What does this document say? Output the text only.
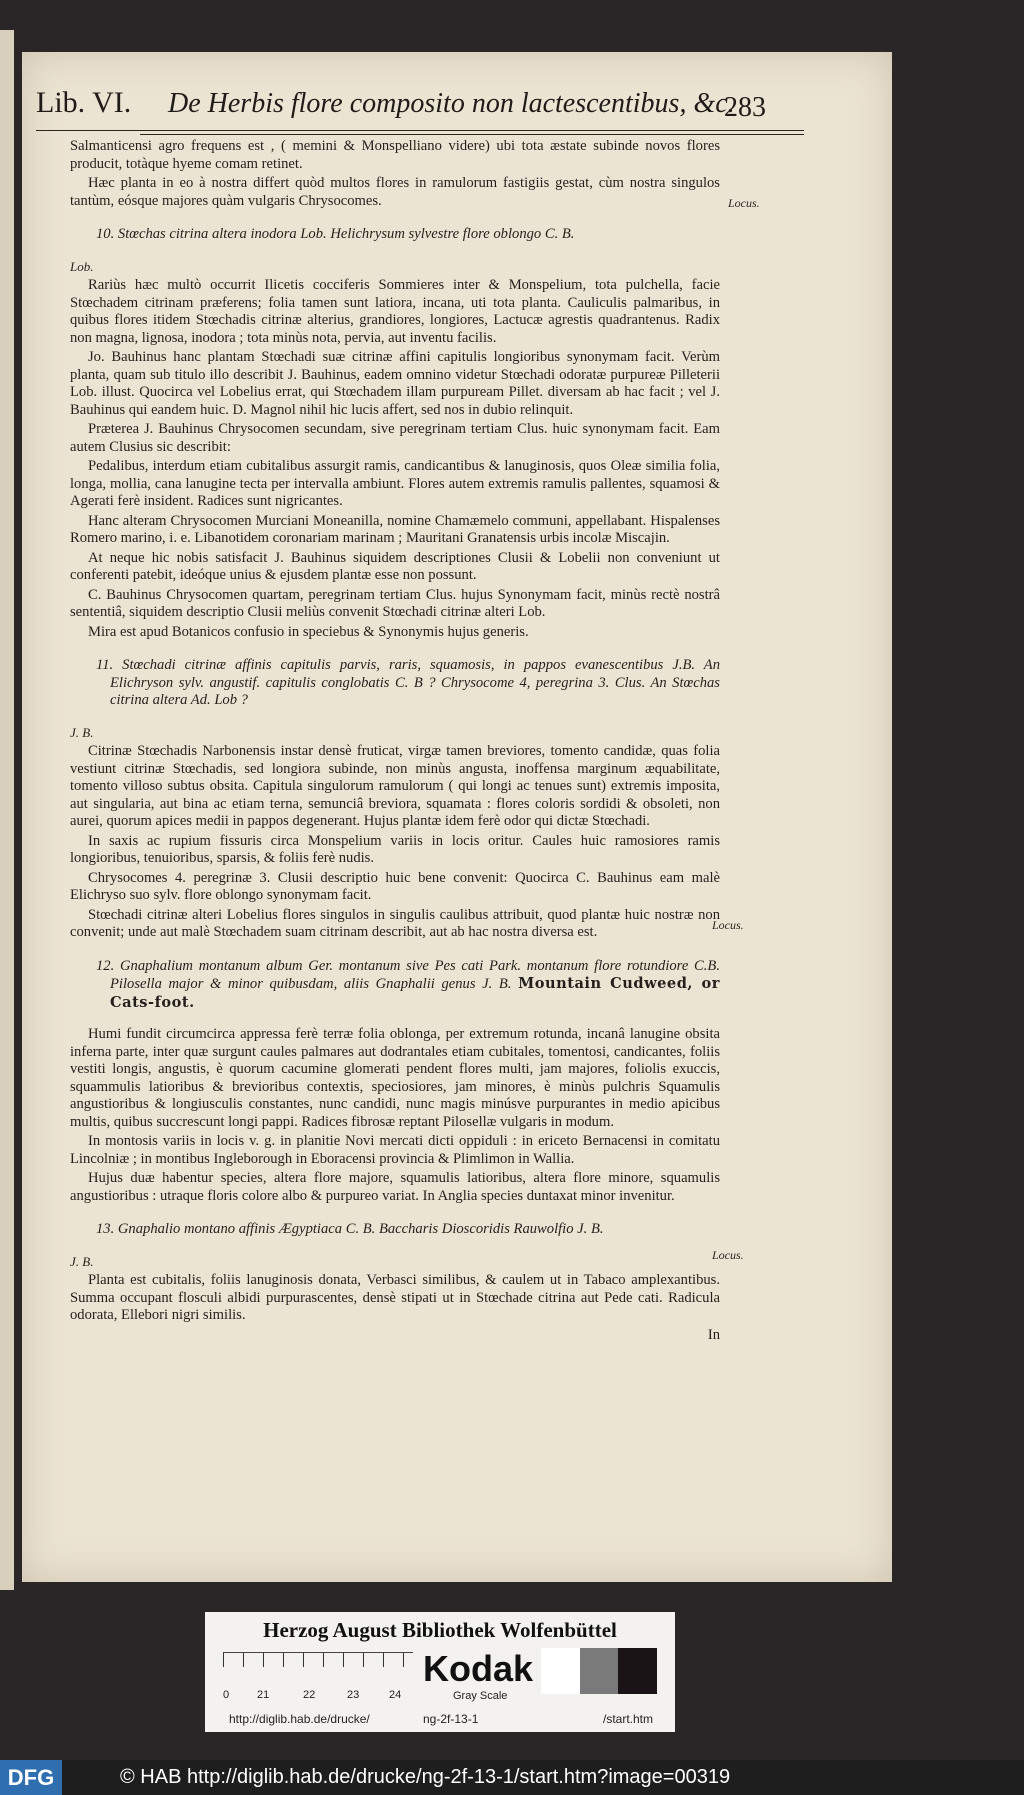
Lib. VI. De Herbis flore composito non lactescentibus, &c.
283
Locus.
Locus.
Locus.

Salmanticensi agro frequens est , ( memini & Monspelliano videre) ubi tota æstate subinde novos flores producit, totàque hyeme comam retinet.

Hæc planta in eo à nostra differt quòd multos flores in ramulorum fastigiis gestat, cùm nostra singulos tantùm, eósque majores quàm vulgaris Chrysocomes.

10. Stœchas citrina altera inodora Lob. Helichrysum sylvestre flore oblongo C. B.

Lob.

Rariùs hæc multò occurrit Ilicetis cocciferis Sommieres inter & Monspelium, tota pulchella, facie Stœchadem citrinam præferens; folia tamen sunt latiora, incana, uti tota planta. Cauliculis palmaribus, in quibus flores itidem Stœchadis citrinæ alterius, grandiores, longiores, Lactucæ agrestis quadrantenus. Radix non magna, lignosa, inodora ; tota minùs nota, pervia, aut inventu facilis.

Jo. Bauhinus hanc plantam Stœchadi suæ citrinæ affini capitulis longioribus synonymam facit. Verùm planta, quam sub titulo illo describit J. Bauhinus, eadem omnino videtur Stœchadi odoratæ purpureæ Pilleterii Lob. illust. Quocirca vel Lobelius errat, qui Stœchadem illam purpuream Pillet. diversam ab hac facit ; vel J. Bauhinus qui eandem huic. D. Magnol nihil hic lucis affert, sed nos in dubio relinquit.

Præterea J. Bauhinus Chrysocomen secundam, sive peregrinam tertiam Clus. huic synonymam facit. Eam autem Clusius sic describit:

Pedalibus, interdum etiam cubitalibus assurgit ramis, candicantibus & lanuginosis, quos Oleæ similia folia, longa, mollia, cana lanugine tecta per intervalla ambiunt. Flores autem extremis ramulis pallentes, squamosi & Agerati ferè insident. Radices sunt nigricantes.

Hanc alteram Chrysocomen Murciani Moneanilla, nomine Chamæmelo communi, appellabant. Hispalenses Romero marino, i. e. Libanotidem coronariam marinam ; Mauritani Granatensis urbis incolæ Miscajin.

At neque hic nobis satisfacit J. Bauhinus siquidem descriptiones Clusii & Lobelii non conveniunt ut conferenti patebit, ideóque unius & ejusdem plantæ esse non possunt.

C. Bauhinus Chrysocomen quartam, peregrinam tertiam Clus. hujus Synonymam facit, minùs rectè nostrâ sententiâ, siquidem descriptio Clusii meliùs convenit Stœchadi citrinæ alteri Lob.

Mira est apud Botanicos confusio in speciebus & Synonymis hujus generis.

11. Stœchadi citrinæ affinis capitulis parvis, raris, squamosis, in pappos evanescentibus J.B. An Elichryson sylv. angustif. capitulis conglobatis C. B ? Chrysocome 4, peregrina 3. Clus. An Stœchas citrina altera Ad. Lob ?

J. B.

Citrinæ Stœchadis Narbonensis instar densè fruticat, virgæ tamen breviores, tomento candidæ, quas folia vestiunt citrinæ Stœchadis, sed longiora subinde, non minùs angusta, inoffensa marginum æquabilitate, tomento villoso subtus obsita. Capitula singulorum ramulorum ( qui longi ac tenues sunt) extremis imposita, aut singularia, aut bina ac etiam terna, semunciâ breviora, squamata : flores coloris sordidi & obsoleti, non aurei, quorum apices medii in pappos degenerant. Hujus plantæ idem ferè odor qui dictæ Stœchadi.

In saxis ac rupium fissuris circa Monspelium variis in locis oritur. Caules huic ramosiores ramis longioribus, tenuioribus, sparsis, & foliis ferè nudis.

Chrysocomes 4. peregrinæ 3. Clusii descriptio huic bene convenit: Quocirca C. Bauhinus eam malè Elichryso suo sylv. flore oblongo synonymam facit.

Stœchadi citrinæ alteri Lobelius flores singulos in singulis caulibus attribuit, quod plantæ huic nostræ non convenit; unde aut malè Stœchadem suam citrinam describit, aut ab hac nostra diversa est.

12. Gnaphalium montanum album Ger. montanum sive Pes cati Park. montanum flore rotundiore C.B. Pilosella major & minor quibusdam, aliis Gnaphalii genus J. B. Mountain Cudweed, or Cats-foot.

Humi fundit circumcirca appressa ferè terræ folia oblonga, per extremum rotunda, incanâ lanugine obsita inferna parte, inter quæ surgunt caules palmares aut dodrantales etiam cubitales, tomentosi, candicantes, foliis vestiti longis, angustis, è quorum cacumine glomerati pendent flores multi, jam majores, foliolis exuccis, squammulis latioribus & brevioribus contextis, speciosiores, jam minores, è minùs pulchris Squamulis angustioribus & longiusculis constantes, nunc candidi, nunc magis minúsve purpurantes in medio apicibus multis, quibus succrescunt longi pappi. Radices fibrosæ reptant Pilosellæ vulgaris in modum.

In montosis variis in locis v. g. in planitie Novi mercati dicti oppiduli : in ericeto Bernacensi in comitatu Lincolniæ ; in montibus Ingleborough in Eboracensi provincia & Plimlimon in Wallia.

Hujus duæ habentur species, altera flore majore, squamulis latioribus, altera flore minore, squamulis angustioribus : utraque floris colore albo & purpureo variat. In Anglia species duntaxat minor invenitur.

13. Gnaphalio montano affinis Ægyptiaca C. B. Baccharis Dioscoridis Rauwolfio J. B.

J. B.

Planta est cubitalis, foliis lanuginosis donata, Verbasci similibus, & caulem ut in Tabaco amplexantibus. Summa occupant flosculi albidi purpurascentes, densè stipati ut in Stœchade citrina aut Pede cati. Radicula odorata, Ellebori nigri similis.

In

Herzog August Bibliothek Wolfenbüttel
0	21	22	23	24
Kodak
Gray Scale
http://diglib.hab.de/drucke/	ng-2f-13-1	/start.htm
DFG	© HAB http://diglib.hab.de/drucke/ng-2f-13-1/start.htm?image=00319
